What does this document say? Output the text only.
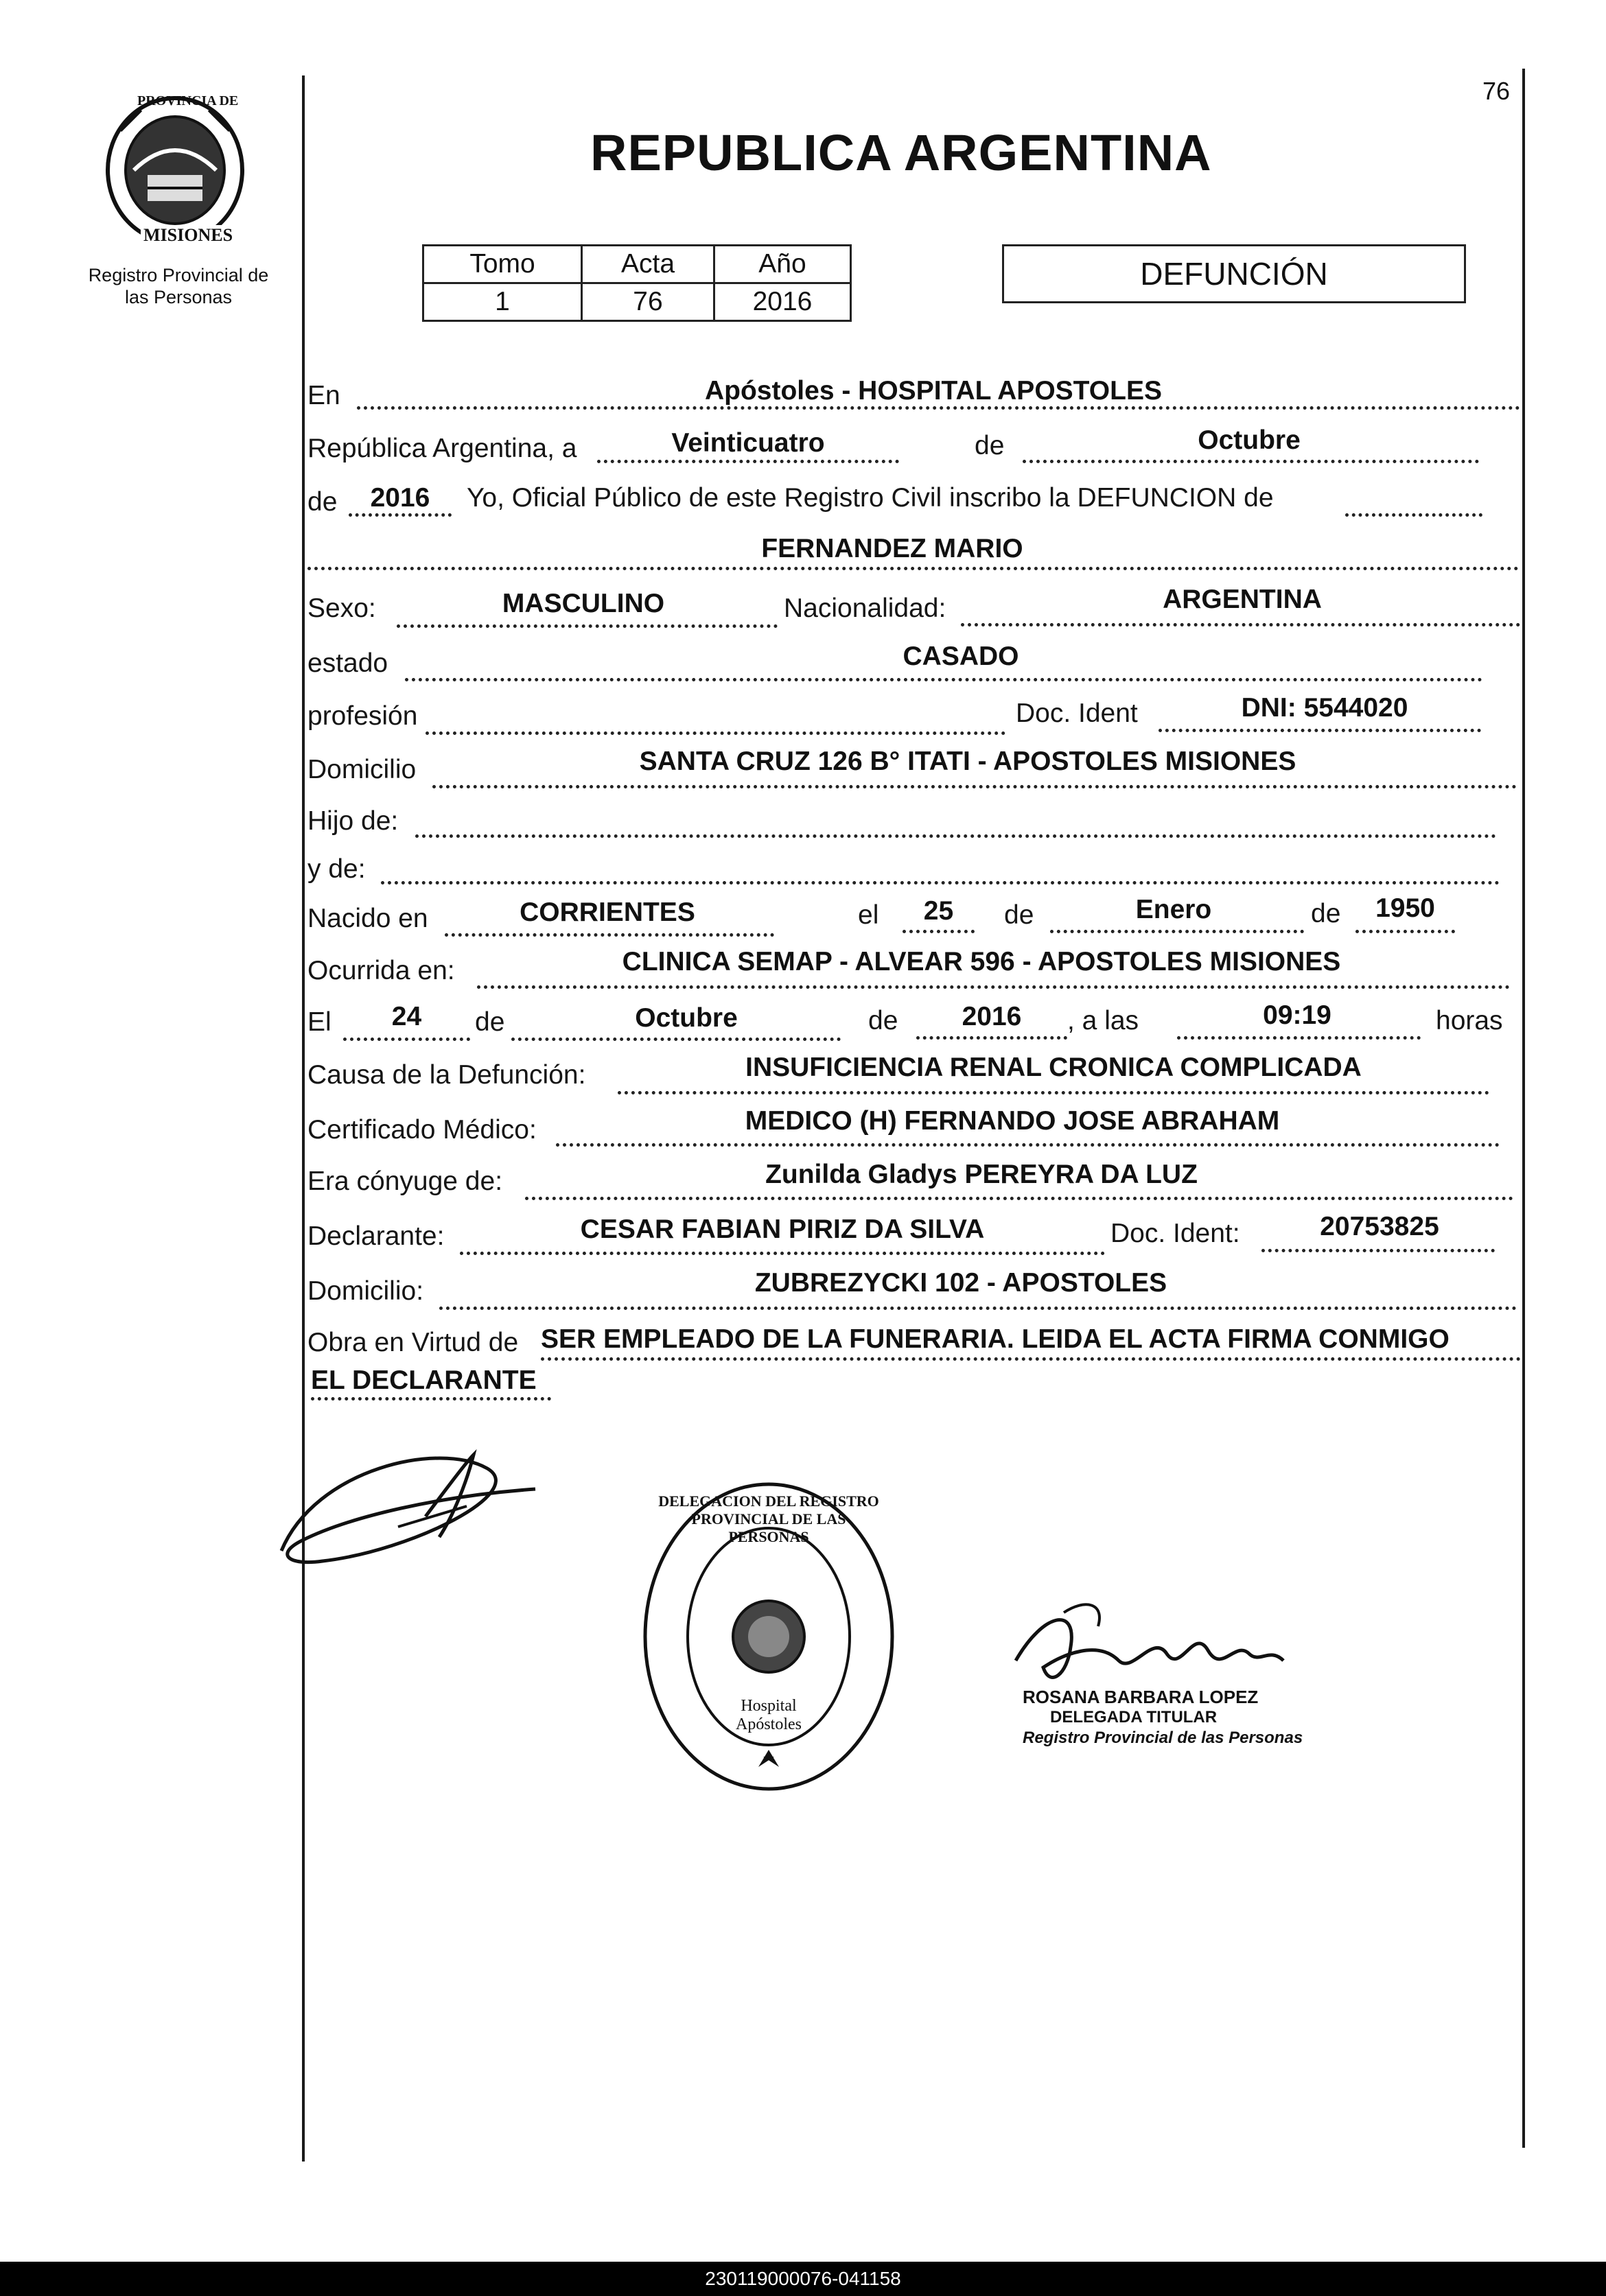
76
PROVINCIA DE
MISIONES
Registro Provincial de
las Personas
REPUBLICA ARGENTINA
Tomo	Acta	Año
1	76	2016
DEFUNCIÓN
En	Apóstoles - HOSPITAL APOSTOLES
República Argentina, a	Veinticuatro	de	Octubre
de	2016	Yo, Oficial Público de este Registro Civil inscribo la DEFUNCION de
FERNANDEZ MARIO
Sexo:	MASCULINO	Nacionalidad:	ARGENTINA
estado	CASADO
profesión	Doc. Ident	DNI: 5544020
Domicilio	SANTA CRUZ 126 B° ITATI - APOSTOLES MISIONES
Hijo de:
y de:
Nacido en	CORRIENTES	el	25	de	Enero	de	1950
Ocurrida en:	CLINICA SEMAP - ALVEAR 596 - APOSTOLES MISIONES
El	24	de	Octubre	de	2016	, a las	09:19	horas
Causa de la Defunción:	INSUFICIENCIA RENAL CRONICA COMPLICADA
Certificado Médico:	MEDICO (H) FERNANDO JOSE ABRAHAM
Era cónyuge de:	Zunilda Gladys PEREYRA DA LUZ
Declarante:	CESAR FABIAN PIRIZ DA SILVA	Doc. Ident:	20753825
Domicilio:	ZUBREZYCKI 102 - APOSTOLES
Obra en Virtud de SER EMPLEADO DE LA FUNERARIA. LEIDA EL ACTA FIRMA CONMIGO
EL DECLARANTE
DELEGACION DEL REGISTRO PROVINCIAL DE LAS PERSONAS
Hospital Apóstoles
ROSANA BARBARA LOPEZ
DELEGADA TITULAR
Registro Provincial de las Personas
230119000076-041158
